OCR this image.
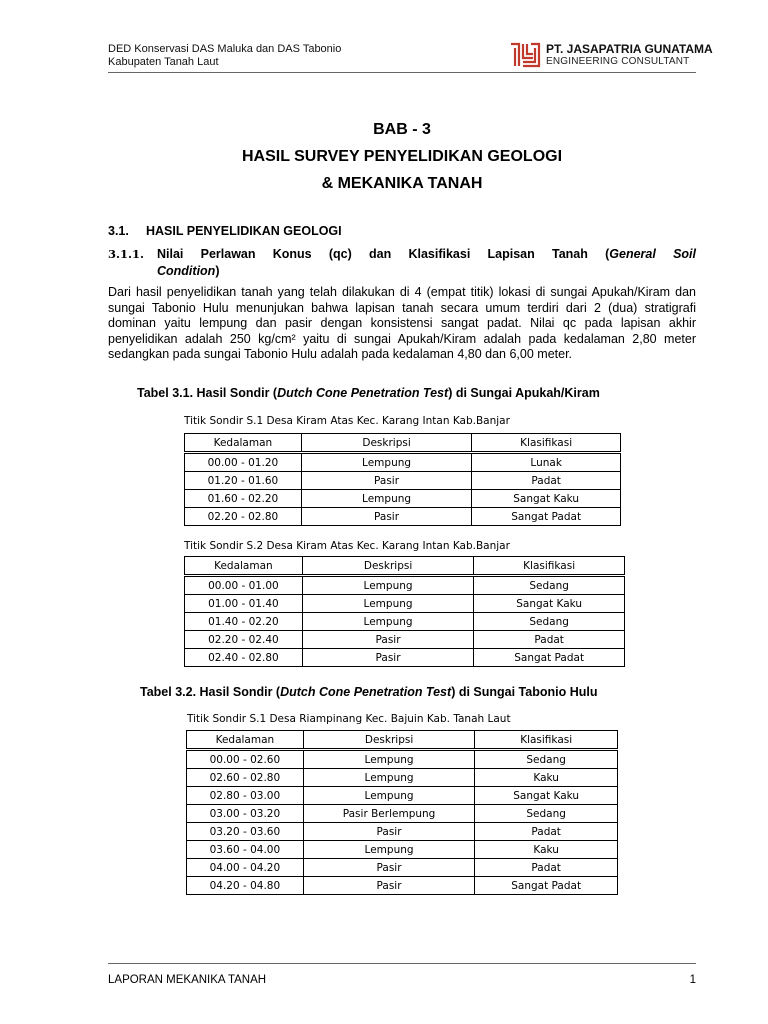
DED Konservasi DAS Maluka dan DAS Tabonio
Kabupaten Tanah Laut
PT. JASAPATRIA GUNATAMA
ENGINEERING CONSULTANT
BAB - 3
HASIL SURVEY PENYELIDIKAN GEOLOGI
& MEKANIKA TANAH
3.1. HASIL PENYELIDIKAN GEOLOGI
3.1.1. Nilai Perlawan Konus (qc) dan Klasifikasi Lapisan Tanah (General Soil
Condition)
Dari hasil penyelidikan tanah yang telah dilakukan di 4 (empat titik) lokasi di sungai Apukah/Kiram dan sungai Tabonio Hulu menunjukan bahwa lapisan tanah secara umum terdiri dari 2 (dua) stratigrafi dominan yaitu lempung dan pasir dengan konsistensi sangat padat. Nilai qc pada lapisan akhir penyelidikan adalah 250 kg/cm² yaitu di sungai Apukah/Kiram adalah pada kedalaman 2,80 meter sedangkan pada sungai Tabonio Hulu adalah pada kedalaman 4,80 dan 6,00 meter.
Tabel 3.1. Hasil Sondir (Dutch Cone Penetration Test) di Sungai Apukah/Kiram
Titik Sondir S.1 Desa Kiram Atas Kec. Karang Intan Kab.Banjar
Kedalaman	Deskripsi	Klasifikasi
00.00 - 01.20	Lempung	Lunak
01.20 - 01.60	Pasir	Padat
01.60 - 02.20	Lempung	Sangat Kaku
02.20 - 02.80	Pasir	Sangat Padat
Titik Sondir S.2 Desa Kiram Atas Kec. Karang Intan Kab.Banjar
Kedalaman	Deskripsi	Klasifikasi
00.00 - 01.00	Lempung	Sedang
01.00 - 01.40	Lempung	Sangat Kaku
01.40 - 02.20	Lempung	Sedang
02.20 - 02.40	Pasir	Padat
02.40 - 02.80	Pasir	Sangat Padat
Tabel 3.2. Hasil Sondir (Dutch Cone Penetration Test) di Sungai Tabonio Hulu
Titik Sondir S.1 Desa Riampinang Kec. Bajuin Kab. Tanah Laut
Kedalaman	Deskripsi	Klasifikasi
00.00 - 02.60	Lempung	Sedang
02.60 - 02.80	Lempung	Kaku
02.80 - 03.00	Lempung	Sangat Kaku
03.00 - 03.20	Pasir Berlempung	Sedang
03.20 - 03.60	Pasir	Padat
03.60 - 04.00	Lempung	Kaku
04.00 - 04.20	Pasir	Padat
04.20 - 04.80	Pasir	Sangat Padat
LAPORAN MEKANIKA TANAH	1
